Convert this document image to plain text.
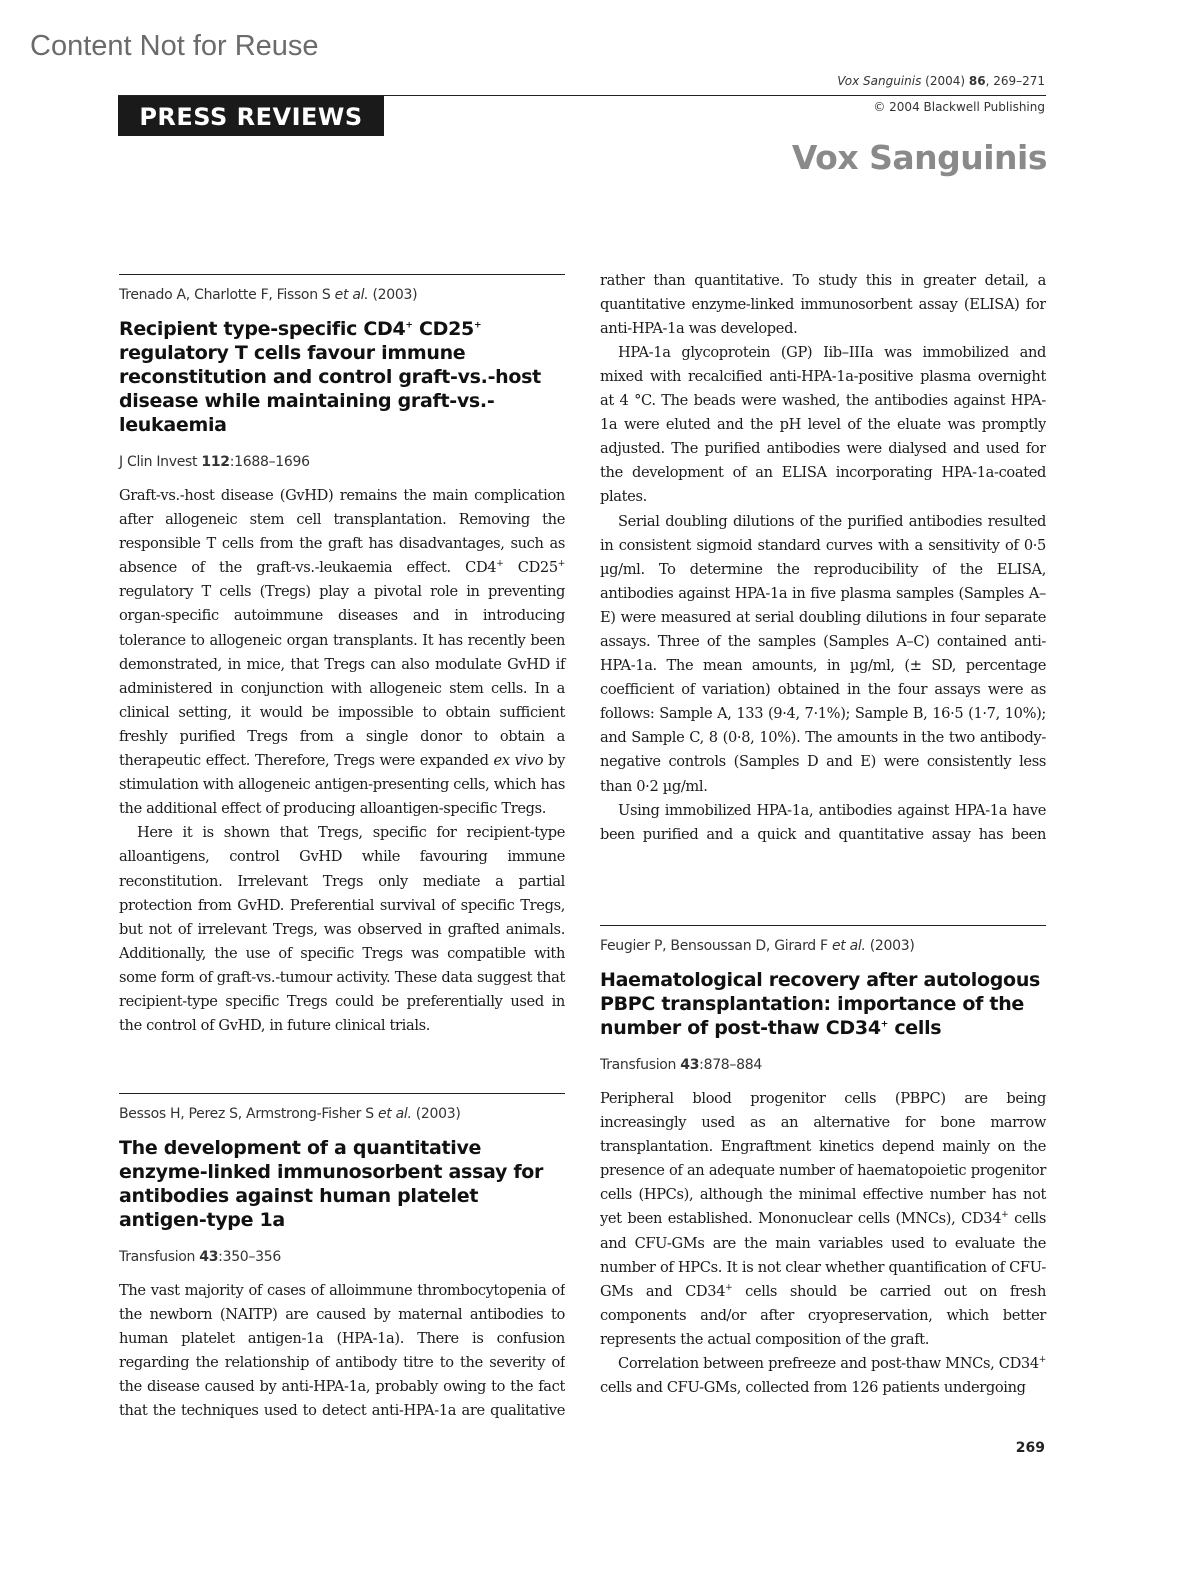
Content Not for Reuse
Vox Sanguinis (2004) 86, 269–271
PRESS REVIEWS	© 2004 Blackwell Publishing
Vox Sanguinis
Trenado A, Charlotte F, Fisson S et al. (2003)
Recipient type-specific CD4+ CD25+ regulatory T cells favour immune reconstitution and control graft-vs.-host disease while maintaining graft-vs.-leukaemia
J Clin Invest 112:1688–1696

Graft-vs.-host disease (GvHD) remains the main complication after allogeneic stem cell transplantation. Removing the responsible T cells from the graft has disadvantages, such as absence of the graft-vs.-leukaemia effect. CD4+ CD25+ regulatory T cells (Tregs) play a pivotal role in preventing organ-specific autoimmune diseases and in introducing tolerance to allogeneic organ transplants. It has recently been demonstrated, in mice, that Tregs can also modulate GvHD if administered in conjunction with allogeneic stem cells. In a clinical setting, it would be impossible to obtain sufficient freshly purified Tregs from a single donor to obtain a therapeutic effect. Therefore, Tregs were expanded ex vivo by stimulation with allogeneic antigen-presenting cells, which has the additional effect of producing alloantigen-specific Tregs.

Here it is shown that Tregs, specific for recipient-type alloantigens, control GvHD while favouring immune reconstitution. Irrelevant Tregs only mediate a partial protection from GvHD. Preferential survival of specific Tregs, but not of irrelevant Tregs, was observed in grafted animals. Additionally, the use of specific Tregs was compatible with some form of graft-vs.-tumour activity. These data suggest that recipient-type specific Tregs could be preferentially used in the control of GvHD, in future clinical trials.

Bessos H, Perez S, Armstrong-Fisher S et al. (2003)
The development of a quantitative enzyme-linked immunosorbent assay for antibodies against human platelet antigen-type 1a
Transfusion 43:350–356

The vast majority of cases of alloimmune thrombocytopenia of the newborn (NAITP) are caused by maternal antibodies to human platelet antigen-1a (HPA-1a). There is confusion regarding the relationship of antibody titre to the severity of the disease caused by anti-HPA-1a, probably owing to the fact that the techniques used to detect anti-HPA-1a are qualitative

rather than quantitative. To study this in greater detail, a quantitative enzyme-linked immunosorbent assay (ELISA) for anti-HPA-1a was developed.

HPA-1a glycoprotein (GP) Iib–IIIa was immobilized and mixed with recalcified anti-HPA-1a-positive plasma overnight at 4 °C. The beads were washed, the antibodies against HPA-1a were eluted and the pH level of the eluate was promptly adjusted. The purified antibodies were dialysed and used for the development of an ELISA incorporating HPA-1a-coated plates.

Serial doubling dilutions of the purified antibodies resulted in consistent sigmoid standard curves with a sensitivity of 0·5 µg/ml. To determine the reproducibility of the ELISA, antibodies against HPA-1a in five plasma samples (Samples A–E) were measured at serial doubling dilutions in four separate assays. Three of the samples (Samples A–C) contained anti-HPA-1a. The mean amounts, in µg/ml, (± SD, percentage coefficient of variation) obtained in the four assays were as follows: Sample A, 133 (9·4, 7·1%); Sample B, 16·5 (1·7, 10%); and Sample C, 8 (0·8, 10%). The amounts in the two antibody-negative controls (Samples D and E) were consistently less than 0·2 µg/ml.

Using immobilized HPA-1a, antibodies against HPA-1a have been purified and a quick and quantitative assay has been

Feugier P, Bensoussan D, Girard F et al. (2003)
Haematological recovery after autologous PBPC transplantation: importance of the number of post-thaw CD34+ cells
Transfusion 43:878–884

Peripheral blood progenitor cells (PBPC) are being increasingly used as an alternative for bone marrow transplantation. Engraftment kinetics depend mainly on the presence of an adequate number of haematopoietic progenitor cells (HPCs), although the minimal effective number has not yet been established. Mononuclear cells (MNCs), CD34+ cells and CFU-GMs are the main variables used to evaluate the number of HPCs. It is not clear whether quantification of CFU-GMs and CD34+ cells should be carried out on fresh components and/or after cryopreservation, which better represents the actual composition of the graft.

Correlation between prefreeze and post-thaw MNCs, CD34+ cells and CFU-GMs, collected from 126 patients undergoing

269
